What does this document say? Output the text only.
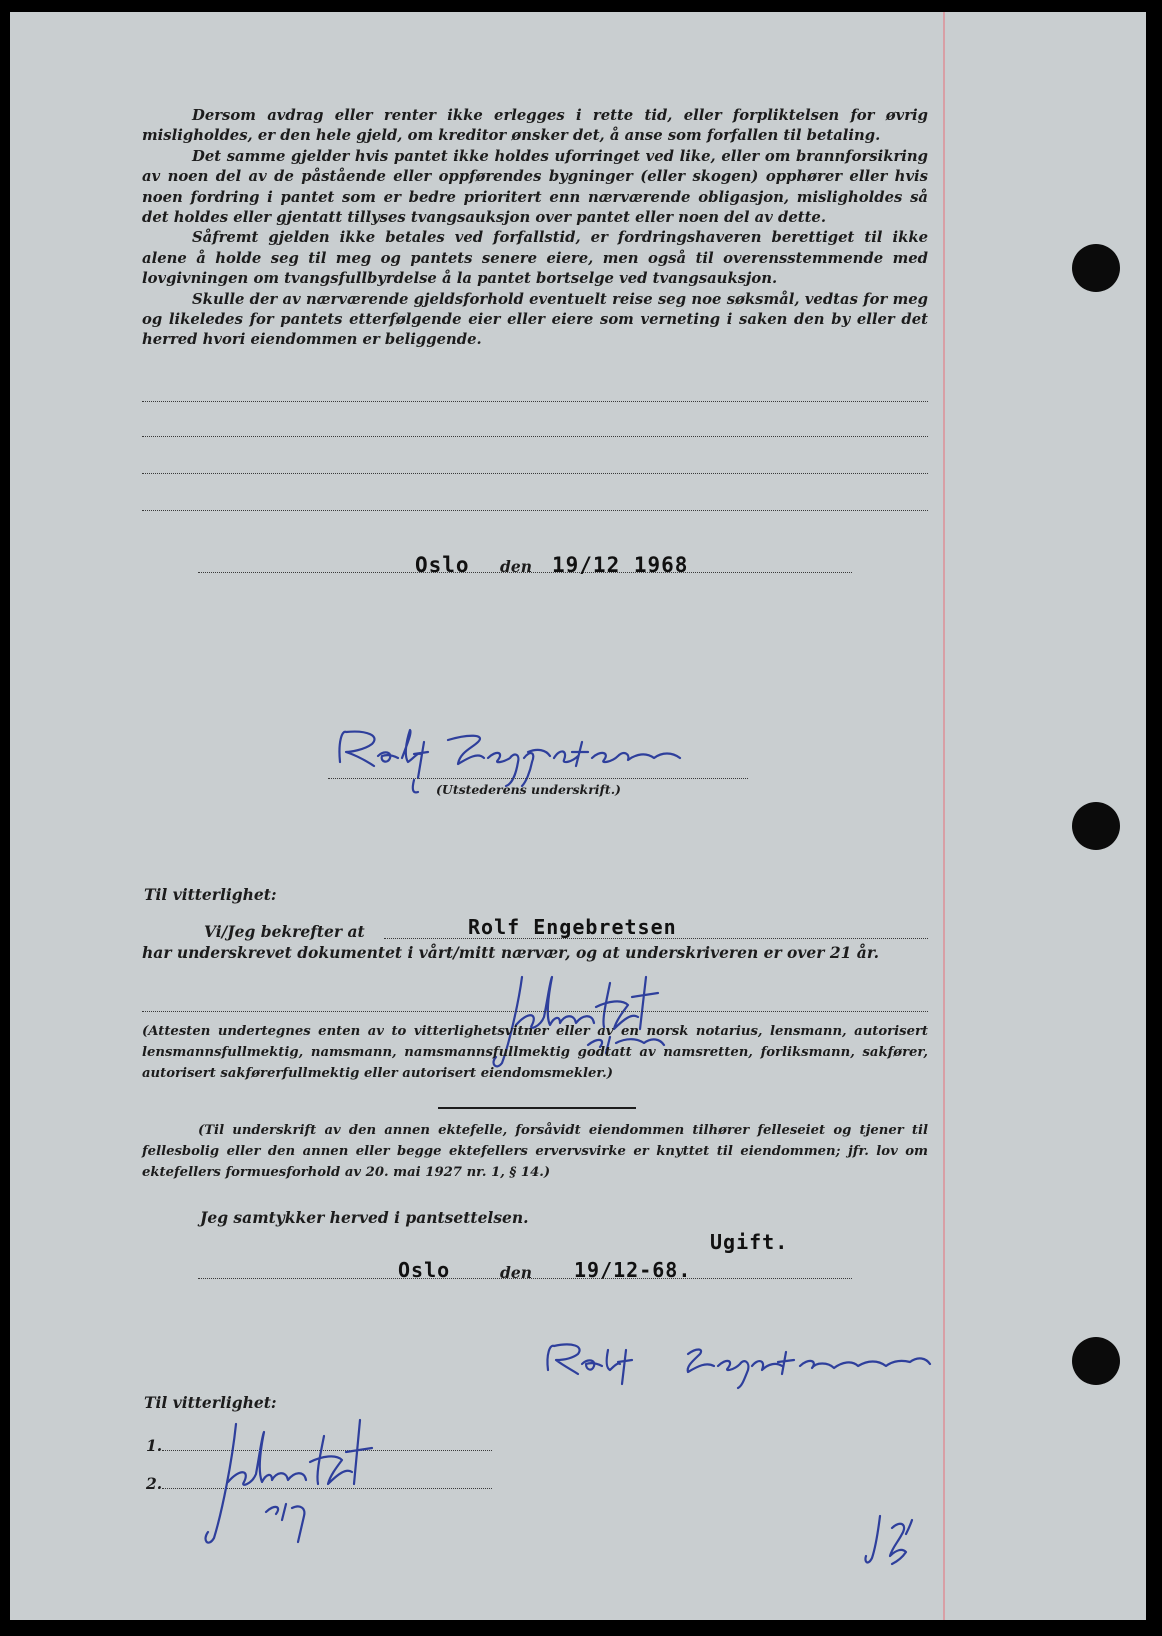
Dersom avdrag eller renter ikke erlegges i rette tid, eller forpliktelsen for øvrig misligholdes, er den hele gjeld, om kreditor ønsker det, å anse som forfallen til betaling.

Det samme gjelder hvis pantet ikke holdes uforringet ved like, eller om brannforsikring av noen del av de påstående eller oppførendes bygninger (eller skogen) opphører eller hvis noen fordring i pantet som er bedre prioritert enn nærværende obligasjon, misligholdes så det holdes eller gjentatt tillyses tvangsauksjon over pantet eller noen del av dette.

Såfremt gjelden ikke betales ved forfallstid, er fordringshaveren berettiget til ikke alene å holde seg til meg og pantets senere eiere, men også til overensstemmende med lovgivningen om tvangsfullbyrdelse å la pantet bortselge ved tvangsauksjon.

Skulle der av nærværende gjeldsforhold eventuelt reise seg noe søksmål, vedtas for meg og likeledes for pantets etterfølgende eier eller eiere som verneting i saken den by eller det herred hvori eiendommen er beliggende.

Oslo den 19/12 1968
(Utstederens underskrift.)
Til vitterlighet:
Vi/Jeg bekrefter at	Rolf Engebretsen
har underskrevet dokumentet i vårt/mitt nærvær, og at underskriveren er over 21 år.
(Attesten undertegnes enten av to vitterlighetsvitner eller av en norsk notarius, lensmann, autorisert lensmannsfullmektig, namsmann, namsmannsfullmektig godtatt av namsretten, forliksmann, sakfører, autorisert sakførerfullmektig eller autorisert eiendomsmekler.)
(Til underskrift av den annen ektefelle, forsåvidt eiendommen tilhører felleseiet og tjener til fellesbolig eller den annen eller begge ektefellers ervervsvirke er knyttet til eiendommen; jfr. lov om ektefellers formuesforhold av 20. mai 1927 nr. 1, § 14.)
Jeg samtykker herved i pantsettelsen.
Ugift.
Oslo	den 19/12-68.
Til vitterlighet:
1.
2.
